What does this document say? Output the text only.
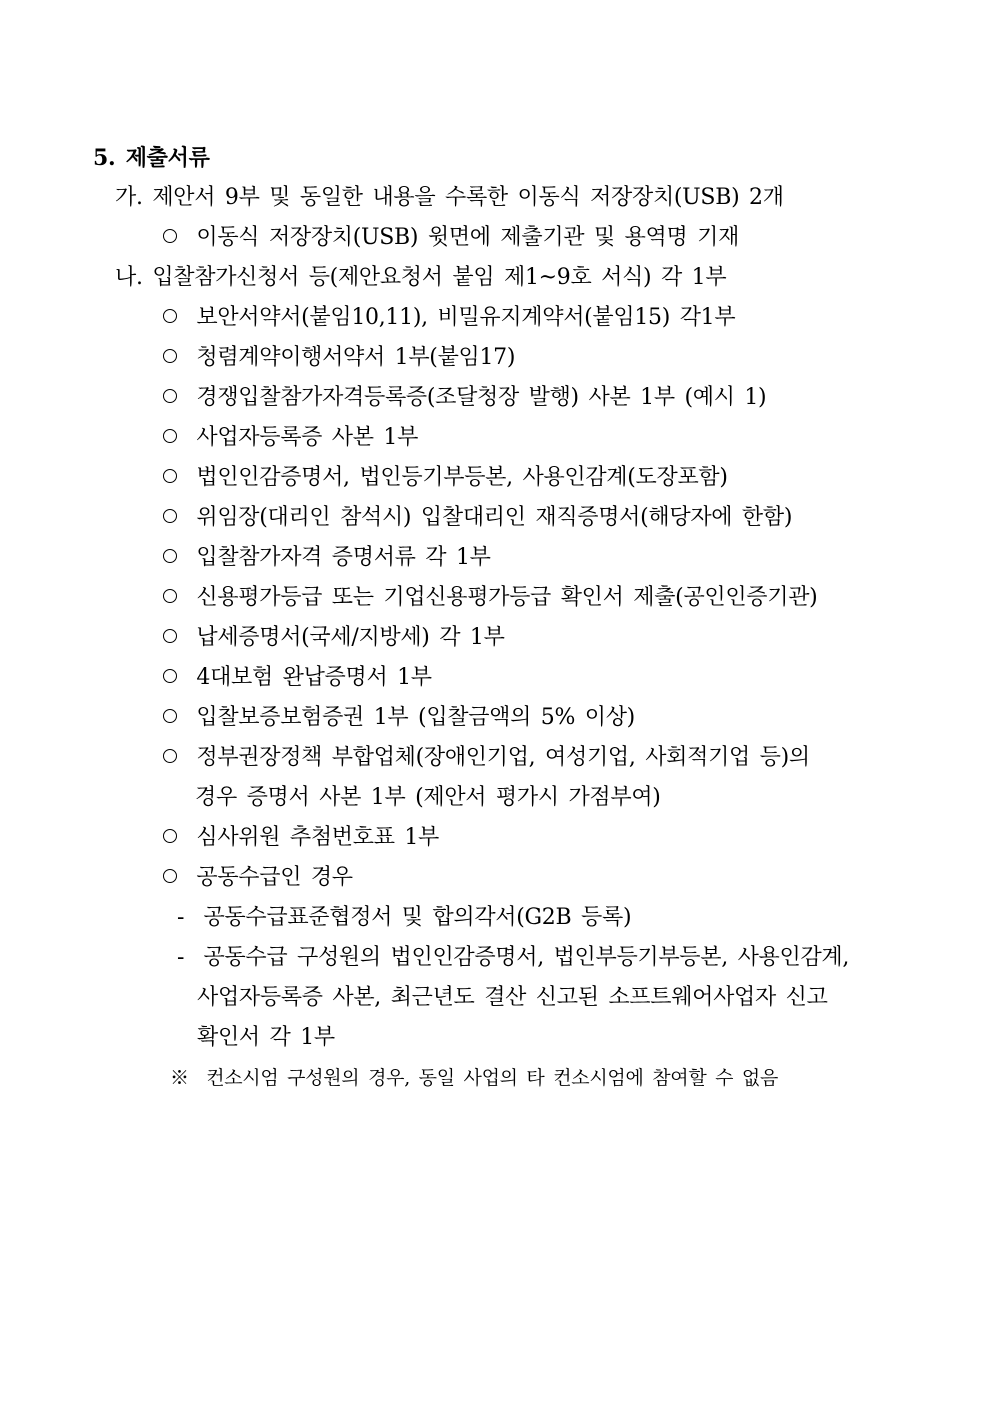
5. 제출서류
가. 제안서 9부 및 동일한 내용을 수록한 이동식 저장장치(USB) 2개
이동식 저장장치(USB) 윗면에 제출기관 및 용역명 기재
나. 입찰참가신청서 등(제안요청서 붙임 제1~9호 서식) 각 1부
보안서약서(붙임10,11), 비밀유지계약서(붙임15) 각1부
청렴계약이행서약서 1부(붙임17)
경쟁입찰참가자격등록증(조달청장 발행) 사본 1부 (예시 1)
사업자등록증 사본 1부
법인인감증명서, 법인등기부등본, 사용인감계(도장포함)
위임장(대리인 참석시) 입찰대리인 재직증명서(해당자에 한함)
입찰참가자격 증명서류 각 1부
신용평가등급 또는 기업신용평가등급 확인서 제출(공인인증기관)
납세증명서(국세/지방세) 각 1부
4대보험 완납증명서 1부
입찰보증보험증권 1부 (입찰금액의 5% 이상)
정부권장정책 부합업체(장애인기업, 여성기업, 사회적기업 등)의
경우 증명서 사본 1부 (제안서 평가시 가점부여)
심사위원 추첨번호표 1부
공동수급인 경우
- 공동수급표준협정서 및 합의각서(G2B 등록)
- 공동수급 구성원의 법인인감증명서, 법인부등기부등본, 사용인감계,
사업자등록증 사본, 최근년도 결산 신고된 소프트웨어사업자 신고
확인서 각 1부
※ 컨소시엄 구성원의 경우, 동일 사업의 타 컨소시엄에 참여할 수 없음
